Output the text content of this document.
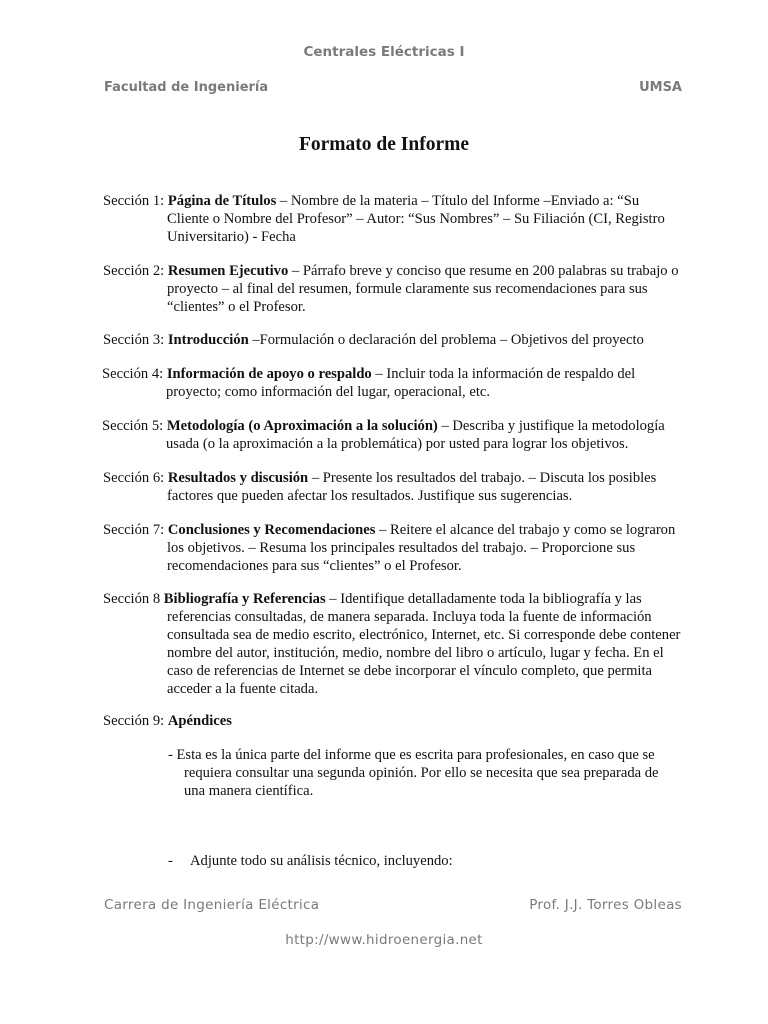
Centrales Eléctricas I
Facultad de Ingeniería	UMSA
Formato de Informe
Sección 1: Página de Títulos – Nombre de la materia – Título del Informe –Enviado a: “Su
Cliente o Nombre del Profesor” – Autor: “Sus Nombres” – Su Filiación (CI, Registro
Universitario) - Fecha
Sección 2: Resumen Ejecutivo – Párrafo breve y conciso que resume en 200 palabras su trabajo o
proyecto – al final del resumen, formule claramente sus recomendaciones para sus
“clientes” o el Profesor.
Sección 3: Introducción –Formulación o declaración del problema – Objetivos del proyecto
Sección 4: Información de apoyo o respaldo – Incluir toda la información de respaldo del
proyecto; como información del lugar, operacional, etc.
Sección 5: Metodología (o Aproximación a la solución) – Describa y justifique la metodología
usada (o la aproximación a la problemática) por usted para lograr los objetivos.
Sección 6: Resultados y discusión – Presente los resultados del trabajo. – Discuta los posibles
factores que pueden afectar los resultados. Justifique sus sugerencias.
Sección 7: Conclusiones y Recomendaciones – Reitere el alcance del trabajo y como se lograron
los objetivos. – Resuma los principales resultados del trabajo. – Proporcione sus
recomendaciones para sus “clientes” o el Profesor.
Sección 8 Bibliografía y Referencias – Identifique detalladamente toda la bibliografía y las
referencias consultadas, de manera separada. Incluya toda la fuente de información
consultada sea de medio escrito, electrónico, Internet, etc. Si corresponde debe contener
nombre del autor, institución, medio, nombre del libro o artículo, lugar y fecha. En el
caso de referencias de Internet se debe incorporar el vínculo completo, que permita
acceder a la fuente citada.
Sección 9: Apéndices
- Esta es la única parte del informe que es escrita para profesionales, en caso que se
requiera consultar una segunda opinión. Por ello se necesita que sea preparada de
una manera científica.
- Adjunte todo su análisis técnico, incluyendo:
Carrera de Ingeniería Eléctrica	Prof. J.J. Torres Obleas
http://www.hidroenergia.net
